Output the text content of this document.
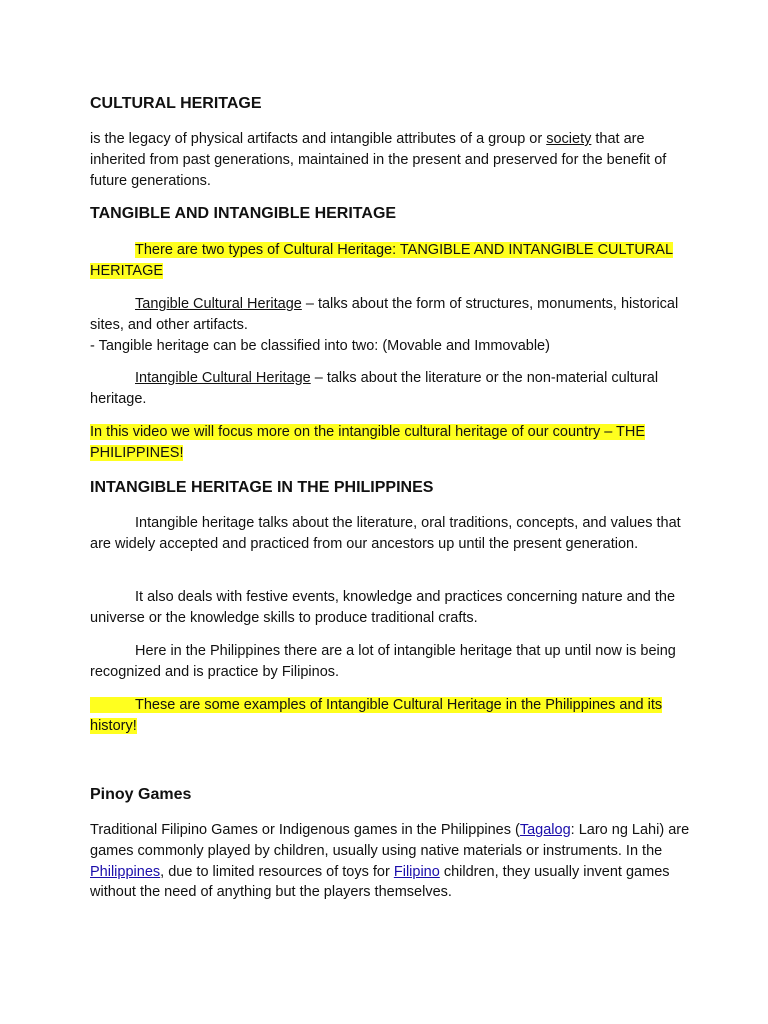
CULTURAL HERITAGE

is the legacy of physical artifacts and intangible attributes of a group or society that are inherited from past generations, maintained in the present and preserved for the benefit of future generations.

TANGIBLE AND INTANGIBLE HERITAGE

There are two types of Cultural Heritage: TANGIBLE AND INTANGIBLE CULTURAL HERITAGE

Tangible Cultural Heritage – talks about the form of structures, monuments, historical sites, and other artifacts.
- Tangible heritage can be classified into two: (Movable and Immovable)

Intangible Cultural Heritage – talks about the literature or the non-material cultural heritage.

In this video we will focus more on the intangible cultural heritage of our country – THE PHILIPPINES!

INTANGIBLE HERITAGE IN THE PHILIPPINES

Intangible heritage talks about the literature, oral traditions, concepts, and values that are widely accepted and practiced from our ancestors up until the present generation.

It also deals with festive events, knowledge and practices concerning nature and the universe or the knowledge skills to produce traditional crafts.

Here in the Philippines there are a lot of intangible heritage that up until now is being recognized and is practice by Filipinos.

These are some examples of Intangible Cultural Heritage in the Philippines and its history!

Pinoy Games

Traditional Filipino Games or Indigenous games in the Philippines (Tagalog: Laro ng Lahi) are games commonly played by children, usually using native materials or instruments. In the Philippines, due to limited resources of toys for Filipino children, they usually invent games without the need of anything but the players themselves.
